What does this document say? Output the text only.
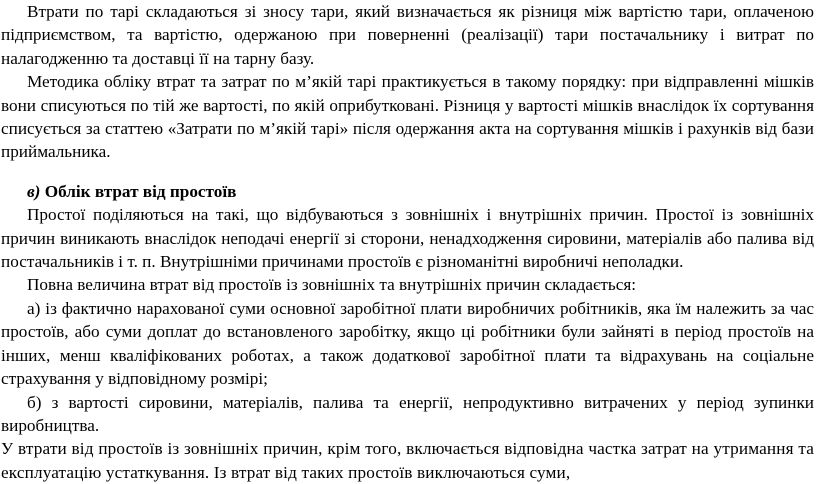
Втрати по тарі складаються зі зносу тари, який визначається як різниця між вартістю тари, оплаченою підприємством, та вартістю, одержаною при поверненні (реалізації) тари постачальнику і витрат по налагодженню та доставці її на тарну базу.

Методика обліку втрат та затрат по м’якій тарі практикується в такому порядку: при відправленні мішків вони списуються по тій же вартості, по якій оприбутковані. Різниця у вартості мішків внаслідок їх сортування списується за статтею «Затрати по м’якій тарі» після одержання акта на сортування мішків і рахунків від бази приймальника.

в) Облік втрат від простоїв

Простої поділяються на такі, що відбуваються з зовнішніх і внутрішніх причин. Простої із зовнішніх причин виникають внаслідок неподачі енергії зі сторони, ненадходження сировини, матеріалів або палива від постачальників і т. п. Внутрішніми причинами простоїв є різноманітні виробничі неполадки.

Повна величина втрат від простоїв із зовнішніх та внутрішніх причин складається:

а) із фактично нарахованої суми основної заробітної плати виробничих робітників, яка їм належить за час простоїв, або суми доплат до встановленого заробітку, якщо ці робітники були зайняті в період простоїв на інших, менш кваліфікованих роботах, а також додаткової заробітної плати та відрахувань на соціальне страхування у відповідному розмірі;

б) з вартості сировини, матеріалів, палива та енергії, непродуктивно витрачених у період зупинки виробництва.

У втрати від простоїв із зовнішніх причин, крім того, включається відповідна частка затрат на утримання та експлуатацію устаткування. Із втрат від таких простоїв виключаються суми,
